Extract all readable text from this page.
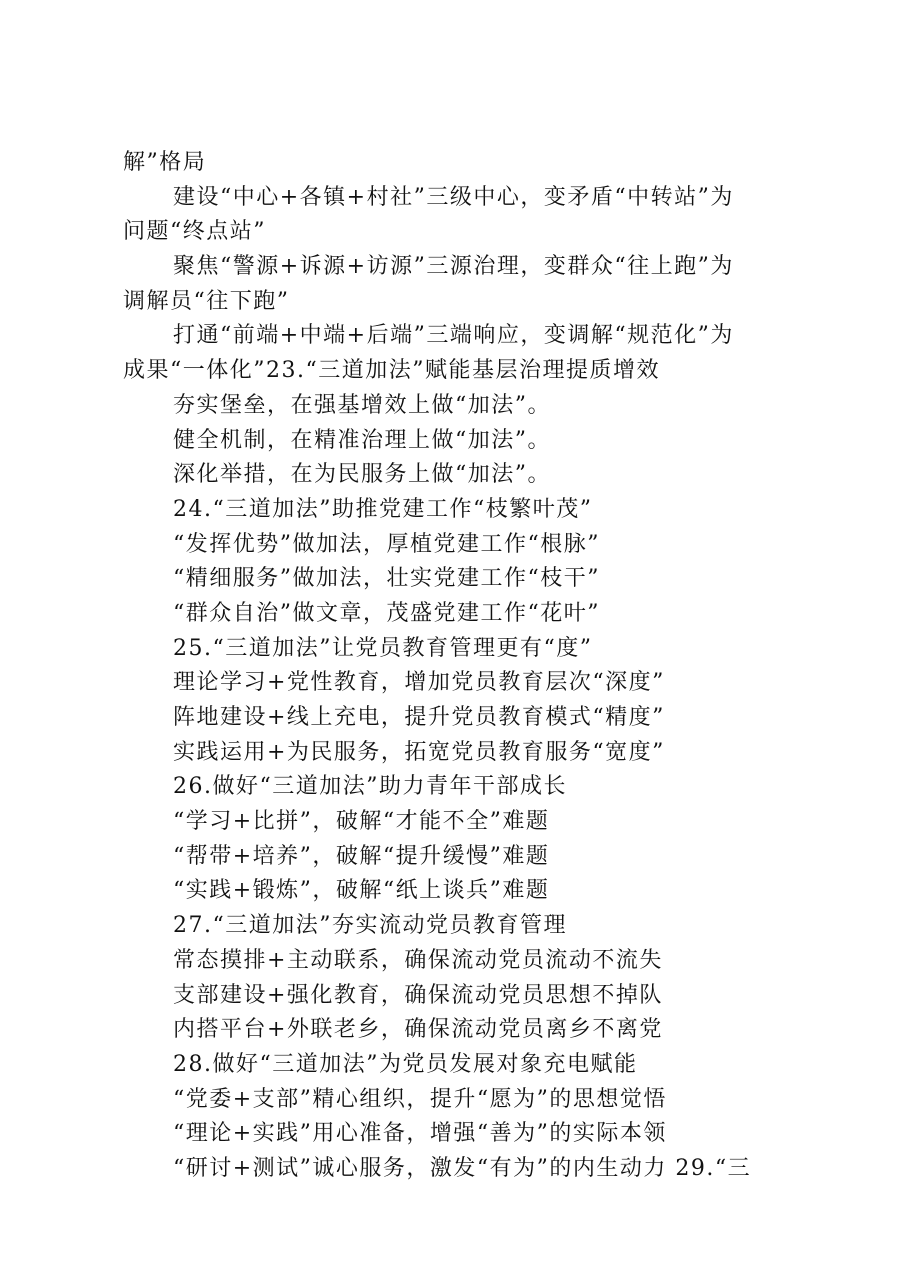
解”格局
建设“中心+各镇+村社”三级中心，变矛盾“中转站”为
问题“终点站”
聚焦“警源+诉源+访源”三源治理，变群众“往上跑”为
调解员“往下跑”
打通“前端+中端+后端”三端响应，变调解“规范化”为
成果“一体化”23.“三道加法”赋能基层治理提质增效
夯实堡垒，在强基增效上做“加法”。
健全机制，在精准治理上做“加法”。
深化举措，在为民服务上做“加法”。
24.“三道加法”助推党建工作“枝繁叶茂”
“发挥优势”做加法，厚植党建工作“根脉”
“精细服务”做加法，壮实党建工作“枝干”
“群众自治”做文章，茂盛党建工作“花叶”
25.“三道加法”让党员教育管理更有“度”
理论学习+党性教育，增加党员教育层次“深度”
阵地建设+线上充电，提升党员教育模式“精度”
实践运用+为民服务，拓宽党员教育服务“宽度”
26.做好“三道加法”助力青年干部成长
“学习+比拼”，破解“才能不全”难题
“帮带+培养”，破解“提升缓慢”难题
“实践+锻炼”，破解“纸上谈兵”难题
27.“三道加法”夯实流动党员教育管理
常态摸排+主动联系，确保流动党员流动不流失
支部建设+强化教育，确保流动党员思想不掉队
内搭平台+外联老乡，确保流动党员离乡不离党
28.做好“三道加法”为党员发展对象充电赋能
“党委+支部”精心组织，提升“愿为”的思想觉悟
“理论+实践”用心准备，增强“善为”的实际本领
“研讨+测试”诚心服务，激发“有为”的内生动力 29.“三
